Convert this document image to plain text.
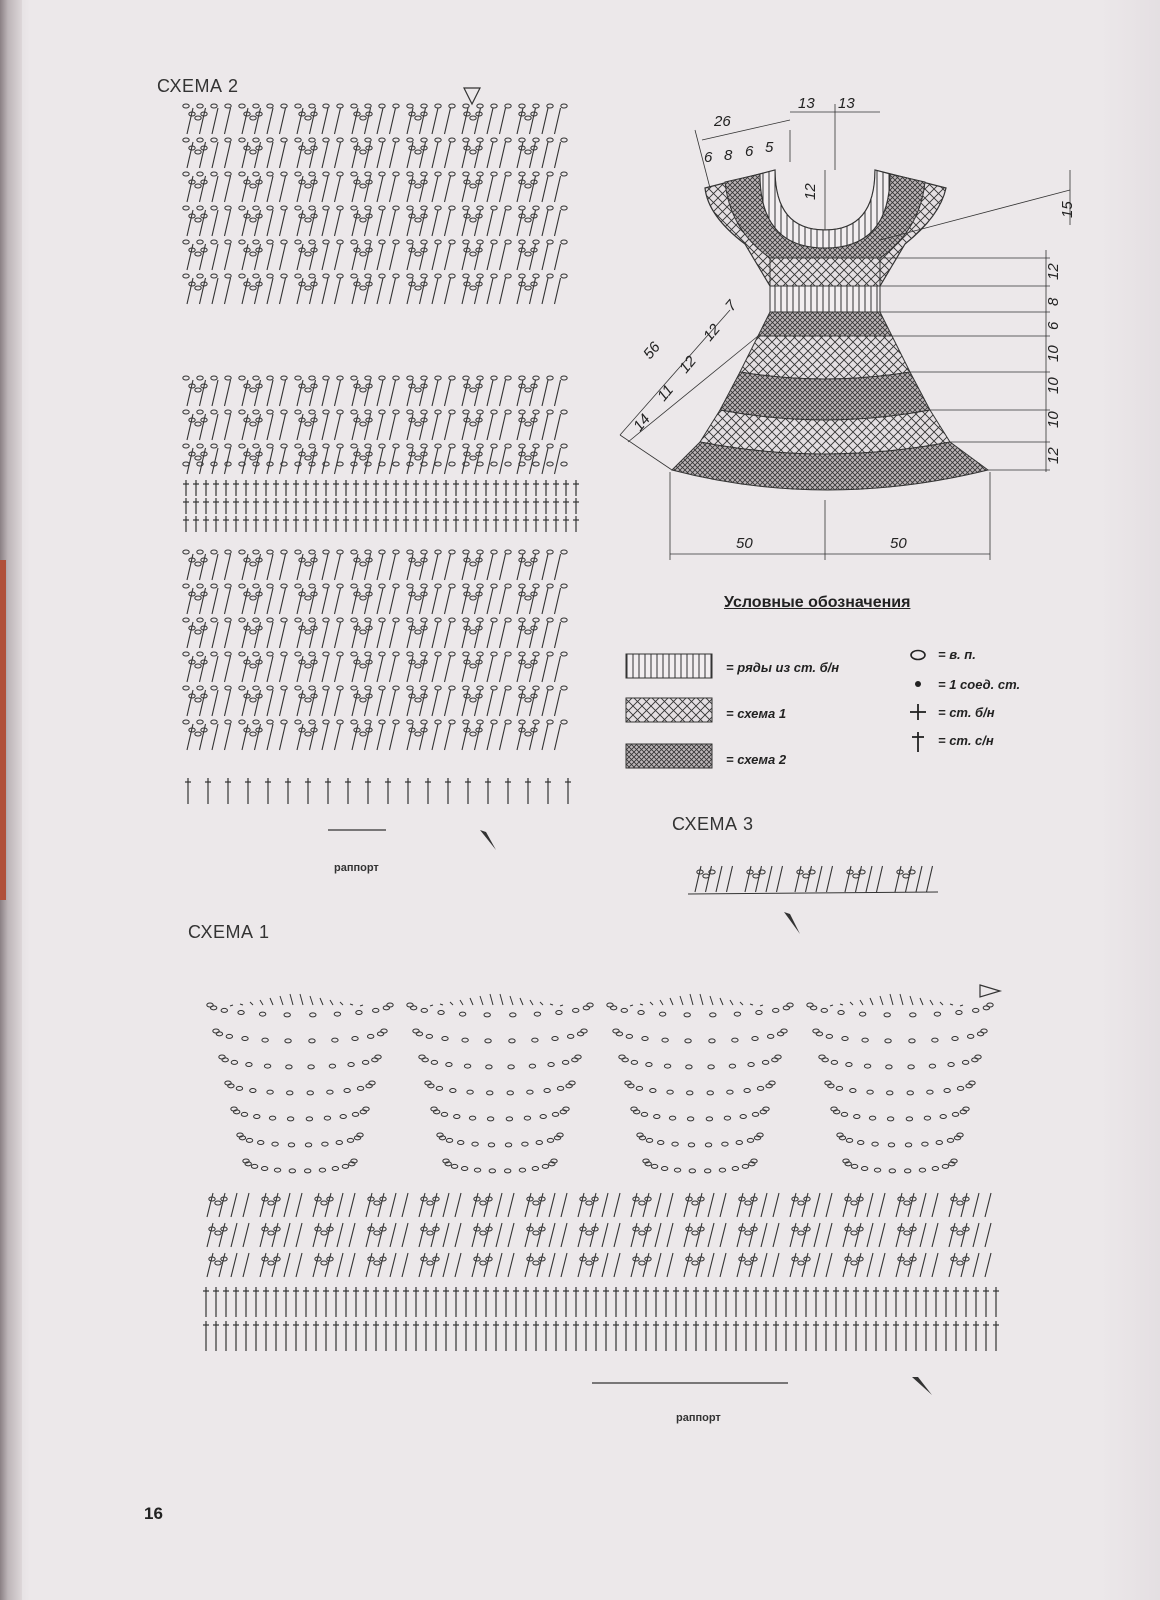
СХЕМА 2
раппорт
26
13 13
6 8 6 5
12
15
12
8
6
10
10
10
12
56
14
11
12
12
7
50	50
Условные обозначения
= ряды из ст. б/н
= схема 1
= схема 2
= в. п.
= 1 соед. ст.
= ст. б/н
= ст. с/н
СХЕМА 3
СХЕМА 1
раппорт
16
